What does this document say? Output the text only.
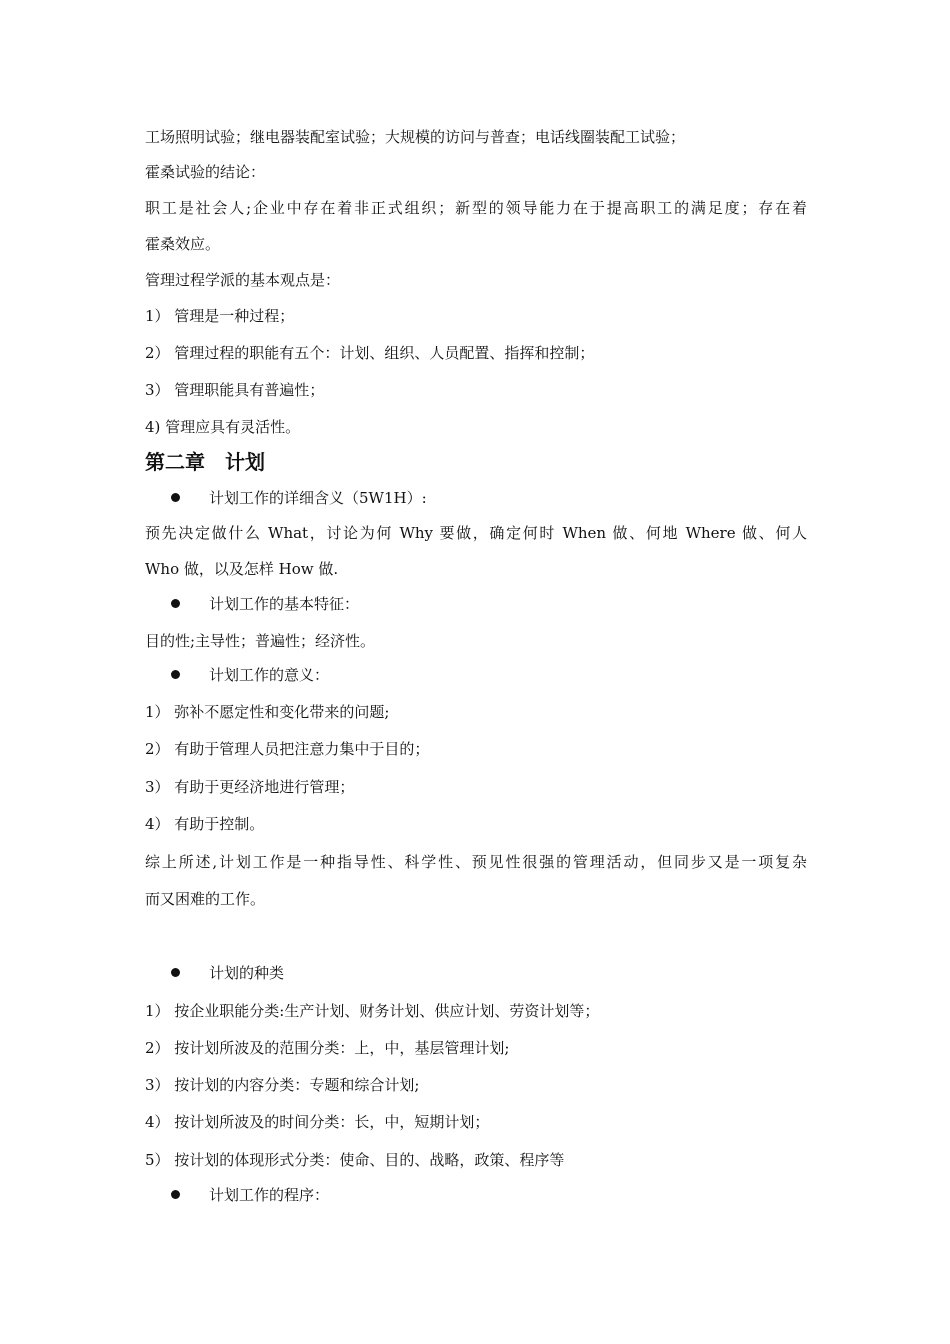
工场照明试验；继电器装配室试验；大规模的访问与普查；电话线圈装配工试验；

霍桑试验的结论：

职工是社会人;企业中存在着非正式组织；新型的领导能力在于提高职工的满足度；存在着

霍桑效应。

管理过程学派的基本观点是：

1） 管理是一种过程；

2） 管理过程的职能有五个：计划、组织、人员配置、指挥和控制；

3） 管理职能具有普遍性；

4) 管理应具有灵活性。

第二章　计划

计划工作的详细含义（5W1H）:

预先决定做什么 What，讨论为何 Why 要做，确定何时 When 做、何地 Where 做、何人

Who 做，以及怎样 How 做.

计划工作的基本特征：

目的性;主导性；普遍性；经济性。

计划工作的意义：

1） 弥补不愿定性和变化带来的问题;

2） 有助于管理人员把注意力集中于目的；

3） 有助于更经济地进行管理；

4） 有助于控制。

综上所述,计划工作是一种指导性、科学性、预见性很强的管理活动，但同步又是一项复杂

而又困难的工作。

计划的种类

1） 按企业职能分类:生产计划、财务计划、供应计划、劳资计划等；

2） 按计划所波及的范围分类：上，中，基层管理计划;

3） 按计划的内容分类：专题和综合计划;

4） 按计划所波及的时间分类：长，中，短期计划；

5） 按计划的体现形式分类：使命、目的、战略，政策、程序等

计划工作的程序：
